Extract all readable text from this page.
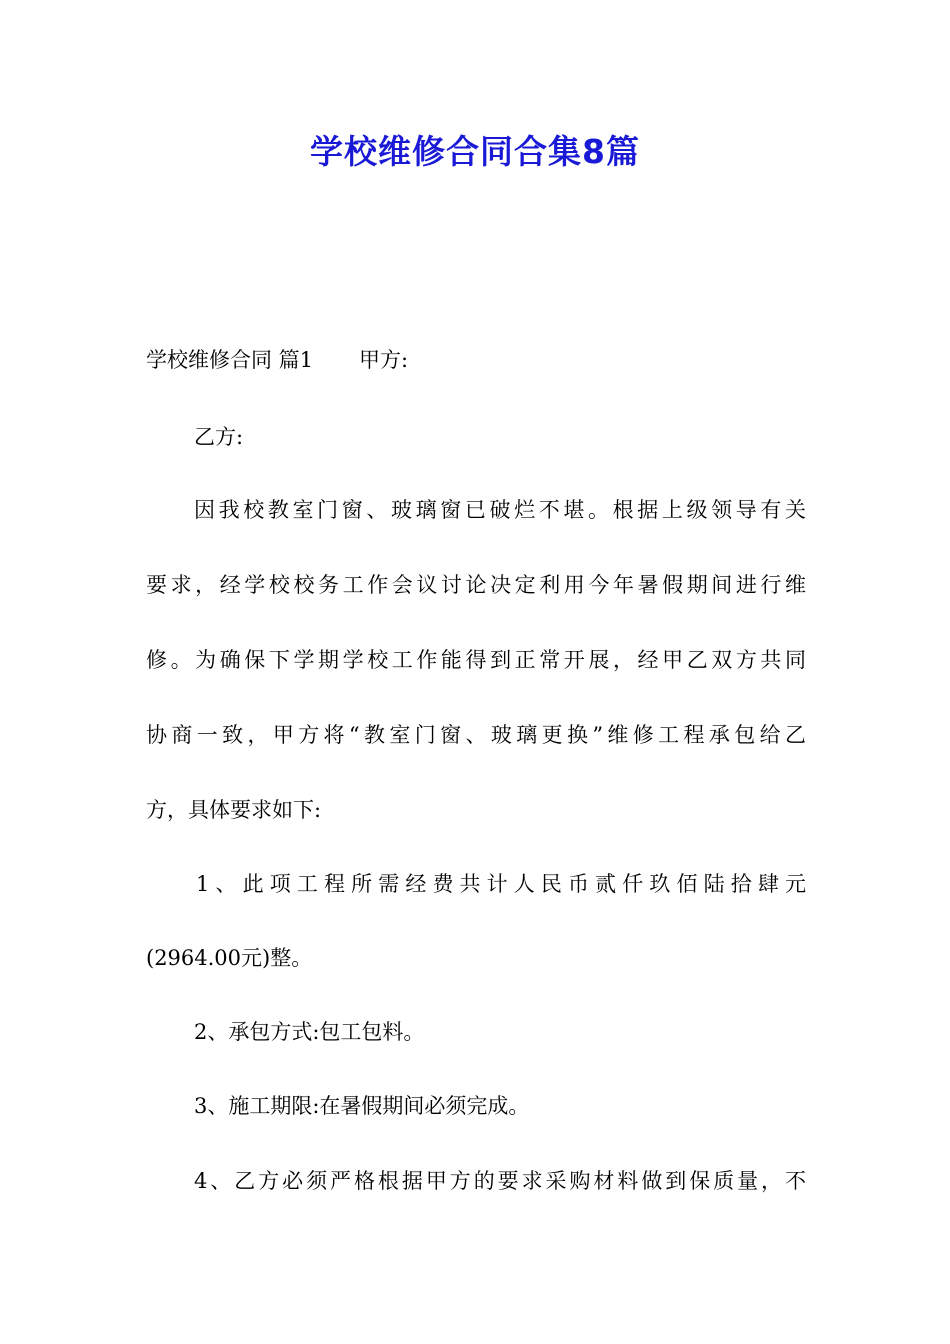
学校维修合同合集8篇
学校维修合同 篇1 甲方:
乙方:
因我校教室门窗、玻璃窗已破烂不堪。根据上级领导有关
要求，经学校校务工作会议讨论决定利用今年暑假期间进行维
修。为确保下学期学校工作能得到正常开展，经甲乙双方共同
协商一致，甲方将“教室门窗、玻璃更换”维修工程承包给乙
方，具体要求如下:
1、此项工程所需经费共计人民币贰仟玖佰陆拾肆元
(2964.00元)整。
2、承包方式:包工包料。
3、施工期限:在暑假期间必须完成。
4、乙方必须严格根据甲方的要求采购材料做到保质量，不
